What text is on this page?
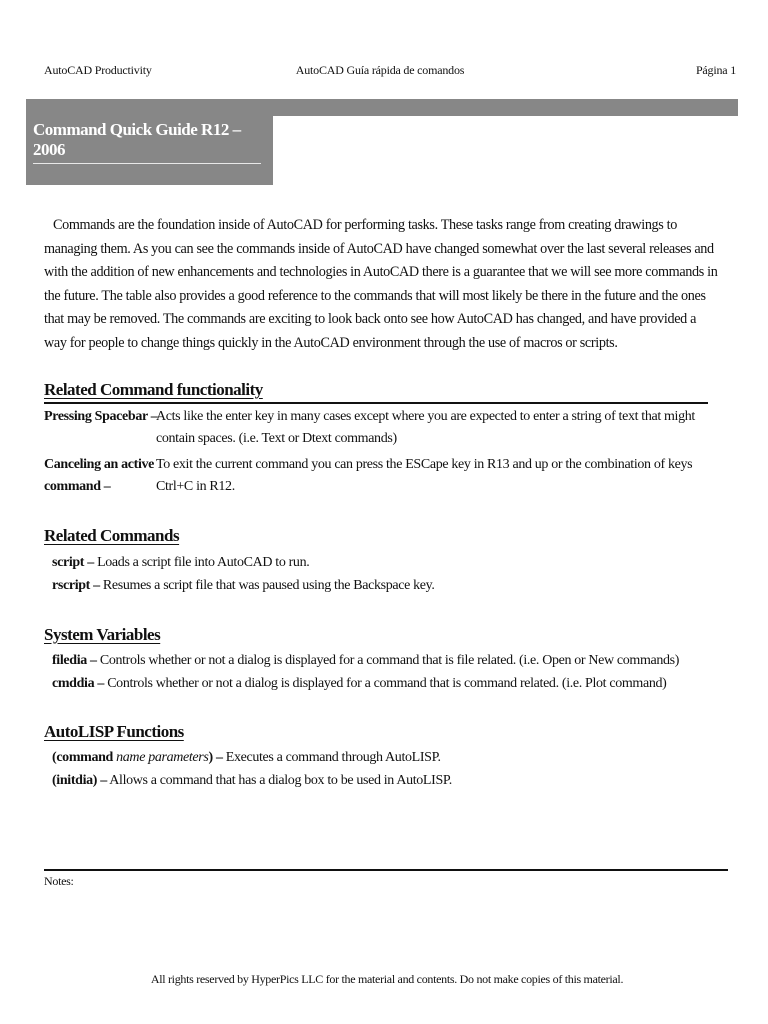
AutoCAD Productivity	AutoCAD Guía rápida de comandos	Página 1
Command Quick Guide R12 – 2006

Commands are the foundation inside of AutoCAD for performing tasks. These tasks range from creating drawings to managing them. As you can see the commands inside of AutoCAD have changed somewhat over the last several releases and with the addition of new enhancements and technologies in AutoCAD there is a guarantee that we will see more commands in the future. The table also provides a good reference to the commands that will most likely be there in the future and the ones that may be removed. The commands are exciting to look back onto see how AutoCAD has changed, and have provided a way for people to change things quickly in the AutoCAD environment through the use of macros or scripts.

Related Command functionality
Pressing Spacebar –
Acts like the enter key in many cases except where you are expected to enter a string of text that might contain spaces. (i.e. Text or Dtext commands)
Canceling an active command –
To exit the current command you can press the ESCape key in R13 and up or the combination of keys Ctrl+C in R12.
Related Commands
script – Loads a script file into AutoCAD to run.
rscript – Resumes a script file that was paused using the Backspace key.
System Variables
filedia – Controls whether or not a dialog is displayed for a command that is file related. (i.e. Open or New commands)
cmddia – Controls whether or not a dialog is displayed for a command that is command related. (i.e. Plot command)
AutoLISP Functions
(command name parameters) – Executes a command through AutoLISP.
(initdia) – Allows a command that has a dialog box to be used in AutoLISP.
Notes:
All rights reserved by HyperPics LLC for the material and contents. Do not make copies of this material.
